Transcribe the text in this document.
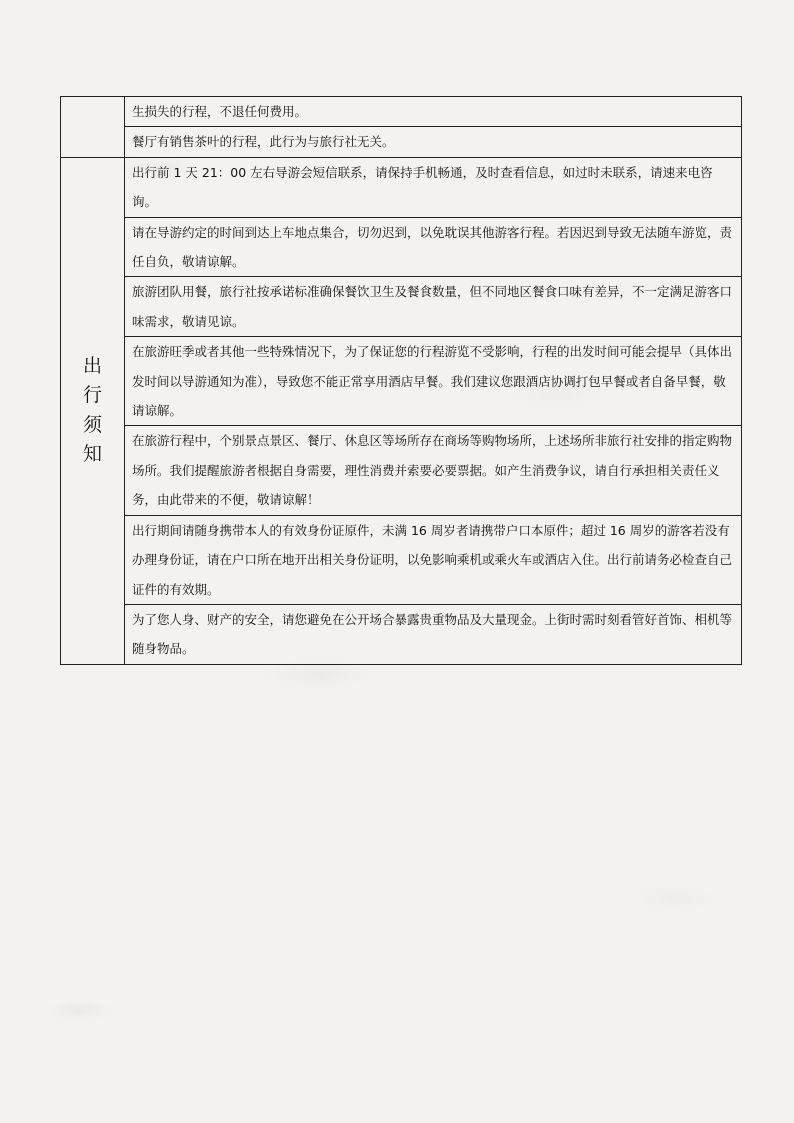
	生损失的行程，不退任何费用。
	餐厅有销售茶叶的行程，此行为与旅行社无关。

出
行
须
知	出行前 1 天 21：00 左右导游会短信联系，请保持手机畅通，及时查看信息，如过时未联系，请速来电咨询。
	请在导游约定的时间到达上车地点集合，切勿迟到，以免耽误其他游客行程。若因迟到导致无法随车游览，责任自负，敬请谅解。
	旅游团队用餐，旅行社按承诺标准确保餐饮卫生及餐食数量，但不同地区餐食口味有差异，不一定满足游客口味需求，敬请见谅。
	在旅游旺季或者其他一些特殊情况下，为了保证您的行程游览不受影响，行程的出发时间可能会提早（具体出发时间以导游通知为准），导致您不能正常享用酒店早餐。我们建议您跟酒店协调打包早餐或者自备早餐，敬请谅解。
	在旅游行程中，个别景点景区、餐厅、休息区等场所存在商场等购物场所，上述场所非旅行社安排的指定购物场所。我们提醒旅游者根据自身需要，理性消费并索要必要票据。如产生消费争议，请自行承担相关责任义务，由此带来的不便，敬请谅解！
	出行期间请随身携带本人的有效身份证原件，未满 16 周岁者请携带户口本原件；超过 16 周岁的游客若没有办理身份证，请在户口所在地开出相关身份证明，以免影响乘机或乘火车或酒店入住。出行前请务必检查自己证件的有效期。
	为了您人身、财产的安全，请您避免在公开场合暴露贵重物品及大量现金。上街时需时刻看管好首饰、相机等随身物品。
